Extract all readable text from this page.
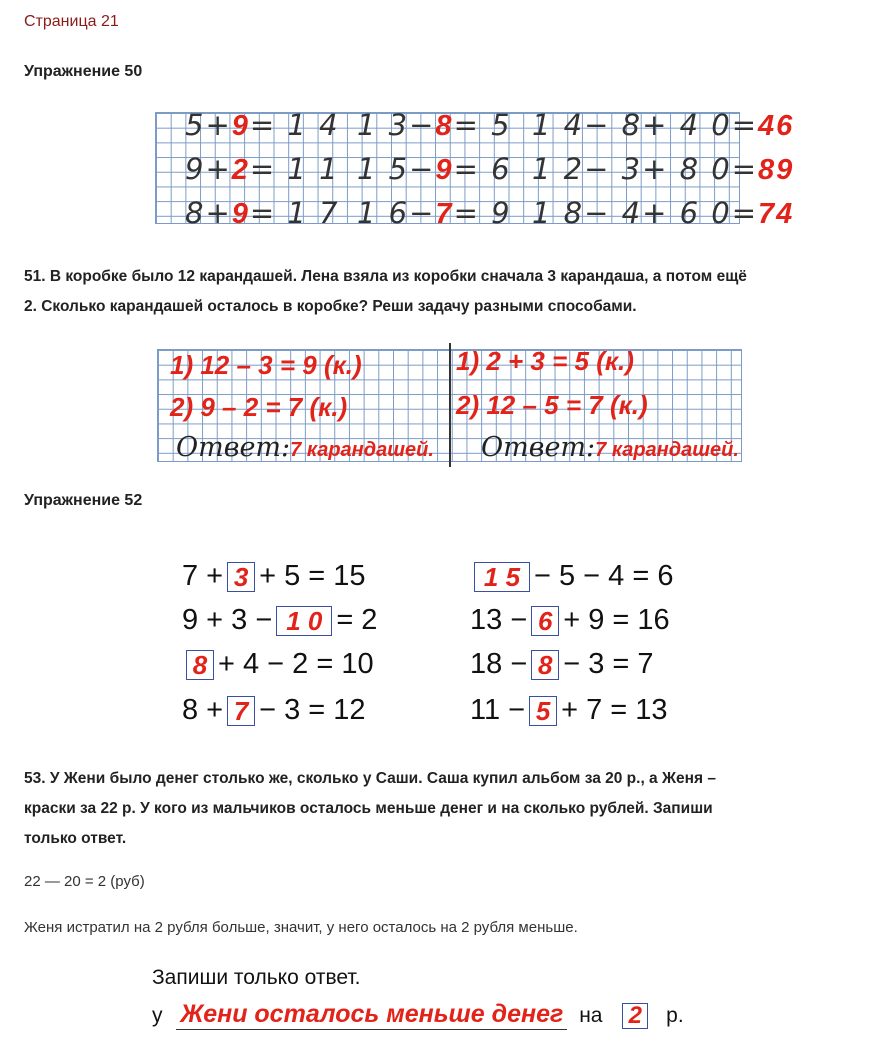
Страница 21
Упражнение 50
5+9= 1 4 1 3−8= 5 1 4− 8+ 4 0=46
9+2= 1 1 1 5−9= 6 1 2− 3+ 8 0=89
8+9= 1 7 1 6−7= 9 1 8− 4+ 6 0=74
51. В коробке было 12 карандашей. Лена взяла из коробки сначала 3 карандаша, а потом ещё
2. Сколько карандашей осталось в коробке? Реши задачу разными способами.
1) 12 – 3 = 9 (к.)
2) 9 – 2 = 7 (к.)
1) 2 + 3 = 5 (к.)
2) 12 – 5 = 7 (к.)
Ответ:7 карандашей. Ответ:7 карандашей.
Упражнение 52
7 + 3 + 5 = 15
9 + 3 − 1 0 = 2
8 + 4 − 2 = 10
8 + 7 − 3 = 12
1 5 − 5 − 4 = 6
13 − 6 + 9 = 16
18 − 8 − 3 = 7
11 − 5 + 7 = 13
53. У Жени было денег столько же, сколько у Саши. Саша купил альбом за 20 р., а Женя –
краски за 22 р. У кого из мальчиков осталось меньше денег и на сколько рублей. Запиши
только ответ.
22 — 20 = 2 (руб)
Женя истратил на 2 рубля больше, значит, у него осталось на 2 рубля меньше.
Запиши только ответ.
у Жени осталось меньше денег на 2 р.
